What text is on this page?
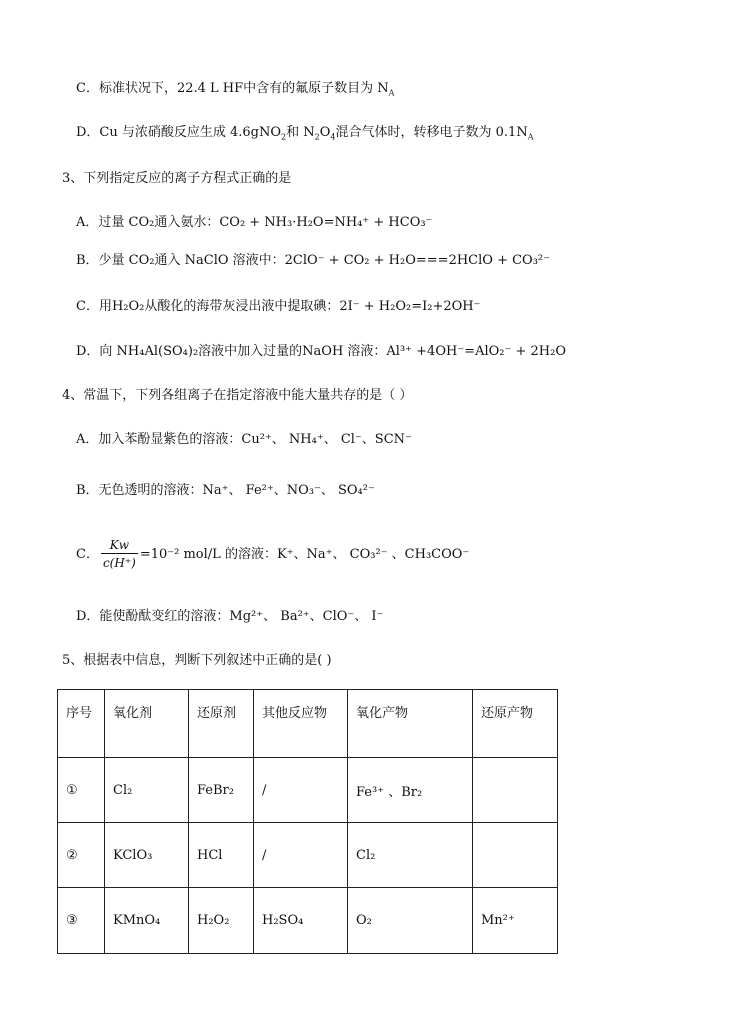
C．标准状况下，22.4 L HF中含有的氟原子数目为 $N_A$
D．Cu 与浓硝酸反应生成 4.6gNO$_2$和 $N_2O_4$混合气体时，转移电子数为 $0.1N_A$
3、下列指定反应的离子方程式正确的是
A．过量 CO₂通入氨水：CO₂ + NH₃·H₂O=NH₄⁺ + HCO₃⁻
B．少量 CO₂通入 NaClO 溶液中：2ClO⁻ + CO₂ + H₂O===2HClO + CO₃²⁻
C．用H₂O₂从酸化的海带灰浸出液中提取碘：2I⁻ + H₂O₂=I₂+2OH⁻
D．向 NH₄Al(SO₄)₂溶液中加入过量的NaOH 溶液：Al³⁺ +4OH⁻=AlO₂⁻ + 2H₂O
4、常温下，下列各组离子在指定溶液中能大量共存的是（ ）
A．加入苯酚显紫色的溶液：Cu²⁺、 NH₄⁺、 Cl⁻、SCN⁻
B．无色透明的溶液：Na⁺、 Fe²⁺、NO₃⁻、 SO₄²⁻
C． $\frac{Kw}{c(H^+)} =10^{-2}$ mol/L 的溶液：K⁺、Na⁺、 CO₃²⁻ 、CH₃COO⁻
D．能使酚酞变红的溶液：Mg²⁺、 Ba²⁺、ClO⁻、 I⁻
5、根据表中信息，判断下列叙述中正确的是( )
序号	氧化剂	还原剂	其他反应物	氧化产物	还原产物
①	Cl₂	FeBr₂	/	Fe³⁺ 、Br₂	
②	KClO₃	HCl	/	Cl₂	
③	KMnO₄	H₂O₂	H₂SO₄	O₂	Mn²⁺
